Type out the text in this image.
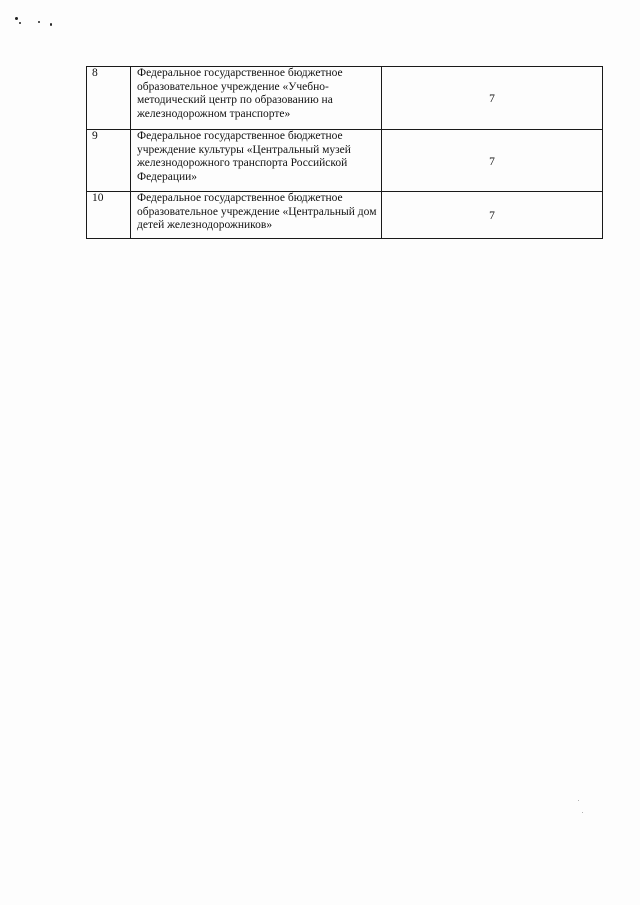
8	Федеральное государственное бюджетное образовательное учреждение «Учебно-методический центр по образованию на железнодорожном транспорте»	7
9	Федеральное государственное бюджетное учреждение культуры «Центральный музей железнодорожного транспорта Российской Федерации»	7
10	Федеральное государственное бюджетное образовательное учреждение «Центральный дом детей железнодорожников»	7
